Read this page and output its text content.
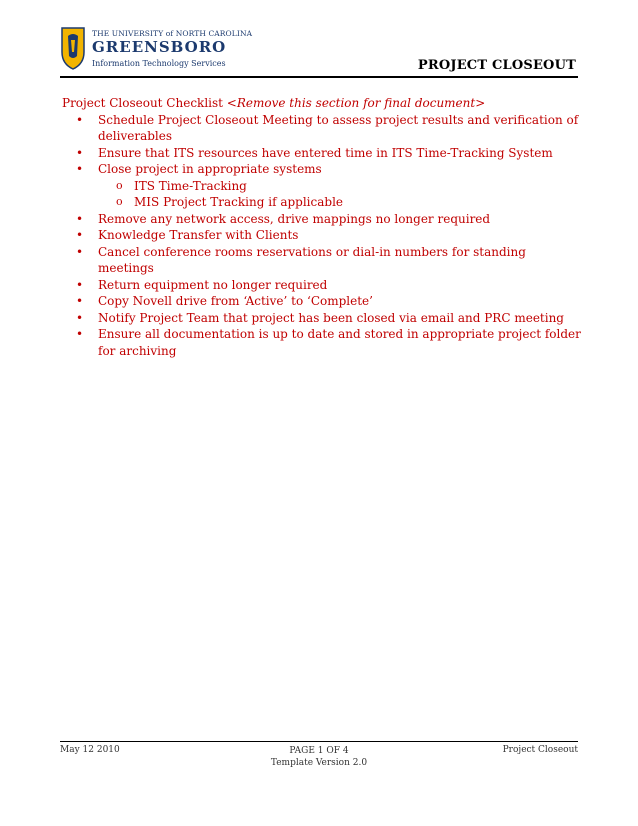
THE UNIVERSITY of NORTH CAROLINA
GREENSBORO
Information Technology Services	PROJECT CLOSEOUT

Project Closeout Checklist <Remove this section for final document>

• Schedule Project Closeout Meeting to assess project results and verification of deliverables
• Ensure that ITS resources have entered time in ITS Time-Tracking System
• Close project in appropriate systems
o ITS Time-Tracking
o MIS Project Tracking if applicable
• Remove any network access, drive mappings no longer required
• Knowledge Transfer with Clients
• Cancel conference rooms reservations or dial-in numbers for standing meetings
• Return equipment no longer required
• Copy Novell drive from ‘Active’ to ‘Complete’
• Notify Project Team that project has been closed via email and PRC meeting
• Ensure all documentation is up to date and stored in appropriate project folder for archiving
May 12 2010	PAGE 1 OF 4
Template Version 2.0
Project Closeout
